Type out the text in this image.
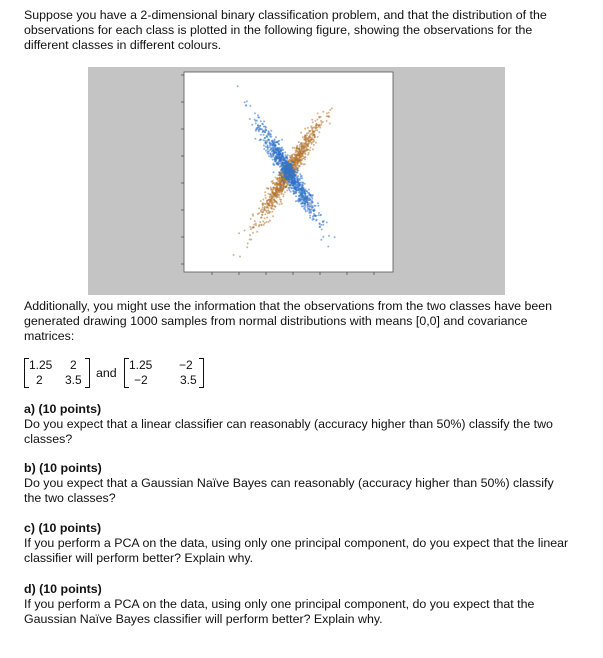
Suppose you have a 2-dimensional binary classification problem, and that the distribution of the observations for each class is plotted in the following figure, showing the observations for the different classes in different colours.

Additionally, you might use the information that the observations from the two classes have been generated drawing 1000 samples from normal distributions with means [0,0] and covariance matrices:

1.25 2
2 3.5 and
1.25 −2
−2	3.5
a) (10 points)
Do you expect that a linear classifier can reasonably (accuracy higher than 50%) classify the two classes?
b) (10 points)
Do you expect that a Gaussian Naïve Bayes can reasonably (accuracy higher than 50%) classify the two classes?
c) (10 points)
If you perform a PCA on the data, using only one principal component, do you expect that the linear classifier will perform better? Explain why.
d) (10 points)
If you perform a PCA on the data, using only one principal component, do you expect that the Gaussian Naïve Bayes classifier will perform better? Explain why.
